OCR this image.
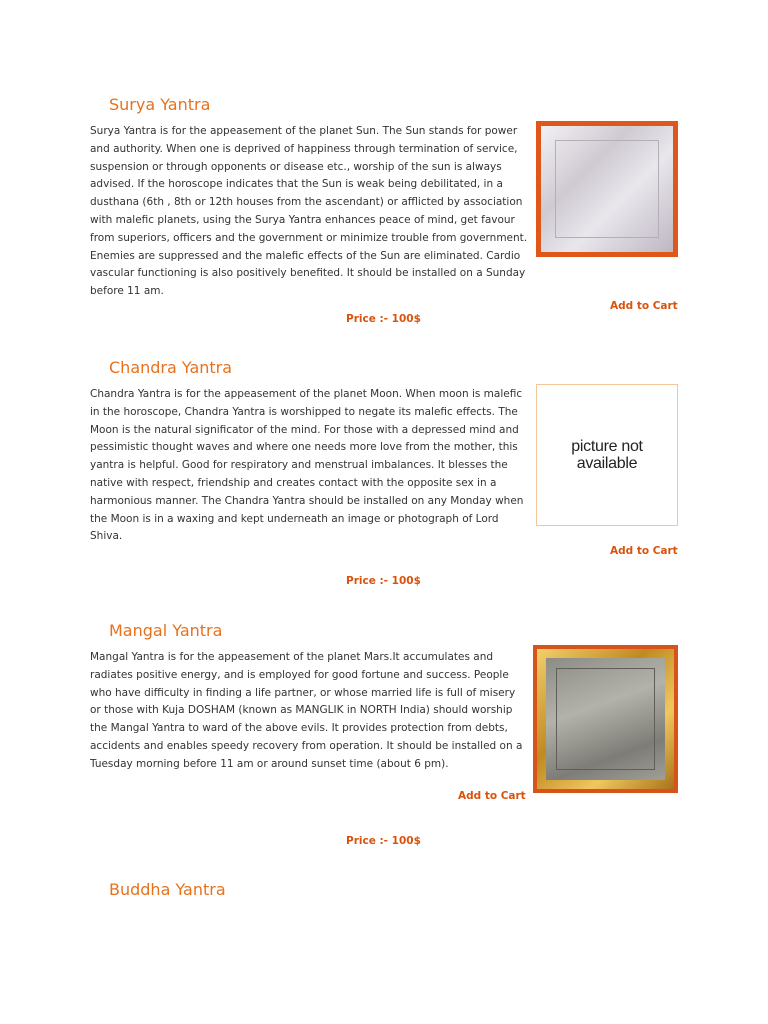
Surya Yantra

Surya Yantra is for the appeasement of the planet Sun. The Sun stands for power and authority. When one is deprived of happiness through termination of service, suspension or through opponents or disease etc., worship of the sun is always advised. If the horoscope indicates that the Sun is weak being debilitated, in a dusthana (6th , 8th or 12th houses from the ascendant) or afflicted by association with malefic planets, using the Surya Yantra enhances peace of mind, get favour from superiors, officers and the government or minimize trouble from government. Enemies are suppressed and the malefic effects of the Sun are eliminated. Cardio vascular functioning is also positively benefited. It should be installed on a Sunday before 11 am.

Add to Cart

Price :- 100$

Chandra Yantra

Chandra Yantra is for the appeasement of the planet Moon. When moon is malefic in the horoscope, Chandra Yantra is worshipped to negate its malefic effects. The Moon is the natural significator of the mind. For those with a depressed mind and pessimistic thought waves and where one needs more love from the mother, this yantra is helpful. Good for respiratory and menstrual imbalances. It blesses the native with respect, friendship and creates contact with the opposite sex in a harmonious manner. The Chandra Yantra should be installed on any Monday when the Moon is in a waxing and kept underneath an image or photograph of Lord Shiva.

picture not
available
Add to Cart

Price :- 100$

Mangal Yantra

Mangal Yantra is for the appeasement of the planet Mars.It accumulates and radiates positive energy, and is employed for good fortune and success. People who have difficulty in finding a life partner, or whose married life is full of misery or those with Kuja DOSHAM (known as MANGLIK in NORTH India) should worship the Mangal Yantra to ward of the above evils. It provides protection from debts, accidents and enables speedy recovery from operation. It should be installed on a Tuesday morning before 11 am or around sunset time (about 6 pm).

Add to Cart

Price :- 100$

Buddha Yantra
